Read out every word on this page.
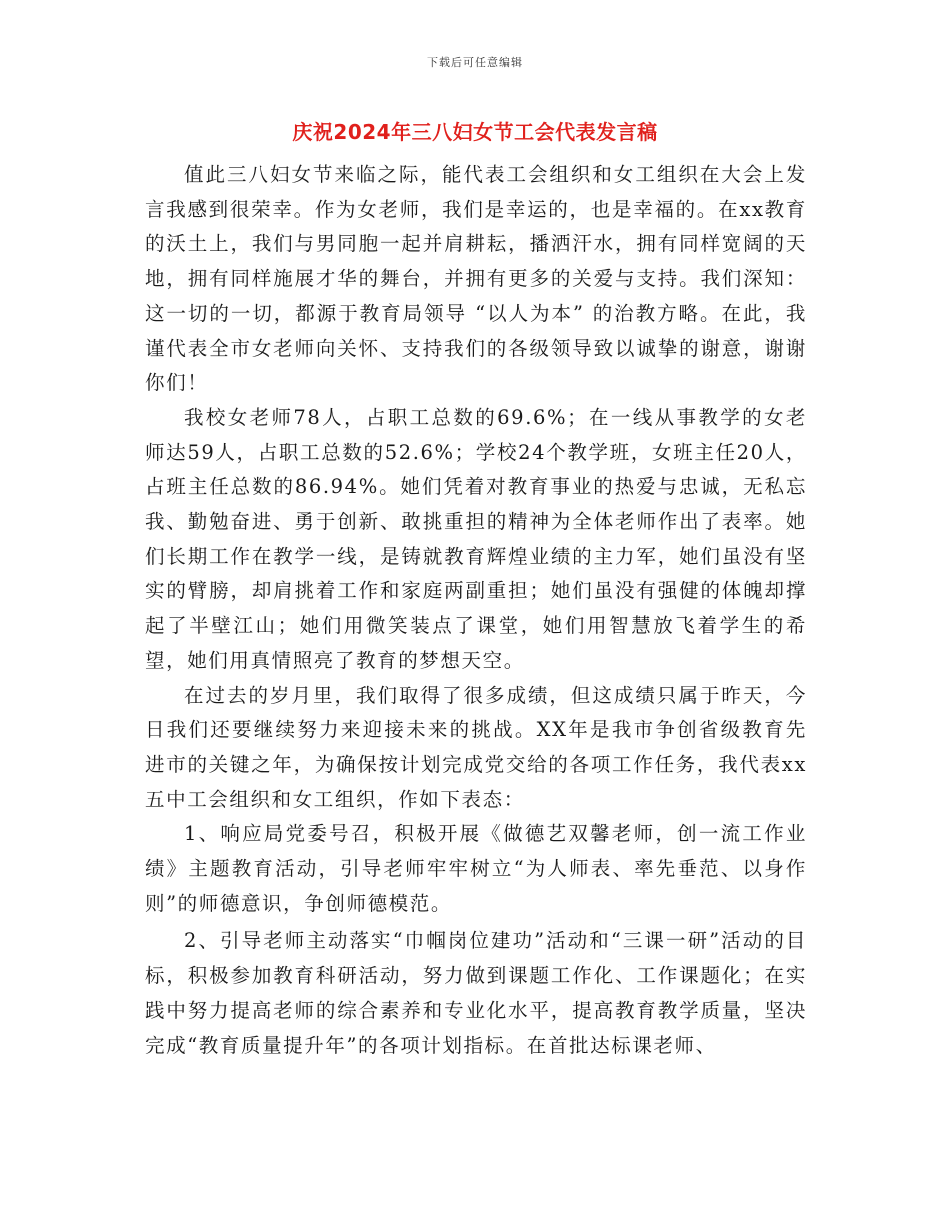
下载后可任意编辑
庆祝2024年三八妇女节工会代表发言稿

值此三八妇女节来临之际，能代表工会组织和女工组织在大会上发言我感到很荣幸。作为女老师，我们是幸运的，也是幸福的。在xx教育的沃土上，我们与男同胞一起并肩耕耘，播洒汗水，拥有同样宽阔的天地，拥有同样施展才华的舞台，并拥有更多的关爱与支持。我们深知：这一切的一切，都源于教育局领导 “以人为本” 的治教方略。在此，我谨代表全市女老师向关怀、支持我们的各级领导致以诚挚的谢意，谢谢你们！

我校女老师78人，占职工总数的69.6%；在一线从事教学的女老师达59人，占职工总数的52.6%；学校24个教学班，女班主任20人，占班主任总数的86.94%。她们凭着对教育事业的热爱与忠诚，无私忘我、勤勉奋进、勇于创新、敢挑重担的精神为全体老师作出了表率。她们长期工作在教学一线，是铸就教育辉煌业绩的主力军，她们虽没有坚实的臂膀，却肩挑着工作和家庭两副重担；她们虽没有强健的体魄却撑起了半壁江山；她们用微笑装点了课堂，她们用智慧放飞着学生的希望，她们用真情照亮了教育的梦想天空。

在过去的岁月里，我们取得了很多成绩，但这成绩只属于昨天，今日我们还要继续努力来迎接未来的挑战。XX年是我市争创省级教育先进市的关键之年，为确保按计划完成党交给的各项工作任务，我代表xx五中工会组织和女工组织，作如下表态：

1、响应局党委号召，积极开展《做德艺双馨老师，创一流工作业绩》主题教育活动，引导老师牢牢树立“为人师表、率先垂范、以身作则”的师德意识，争创师德模范。

2、引导老师主动落实“巾帼岗位建功”活动和“三课一研”活动的目标，积极参加教育科研活动，努力做到课题工作化、工作课题化；在实践中努力提高老师的综合素养和专业化水平，提高教育教学质量，坚决完成“教育质量提升年”的各项计划指标。在首批达标课老师、
